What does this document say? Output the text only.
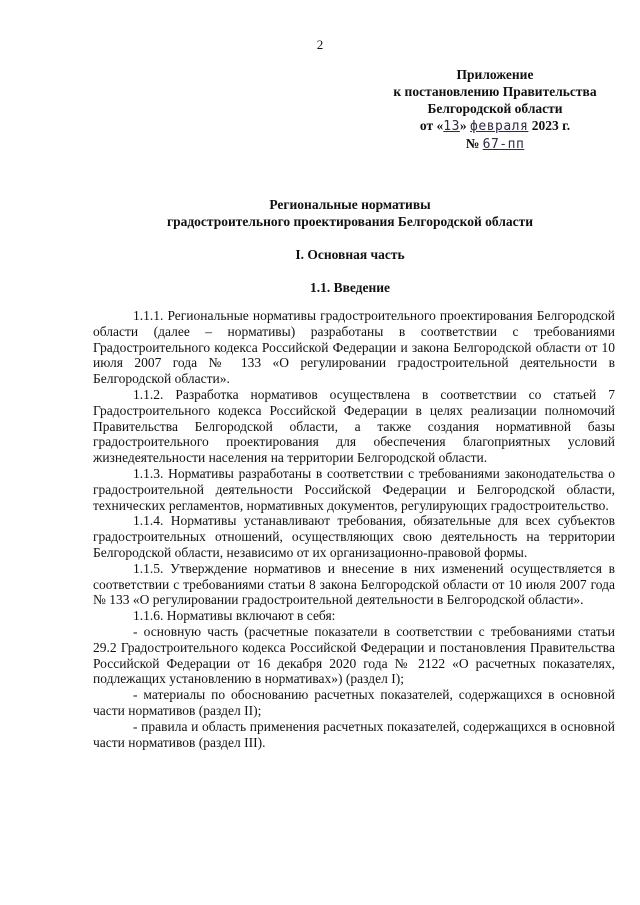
2
Приложение
к постановлению Правительства
Белгородской области
от «13» февраля 2023 г.
№ 67-пп
Региональные нормативы
градостроительного проектирования Белгородской области
I. Основная часть
1.1. Введение

1.1.1. Региональные нормативы градостроительного проектирования Белгородской области (далее – нормативы) разработаны в соответствии с требованиями Градостроительного кодекса Российской Федерации и закона Белгородской области от 10 июля 2007 года № 133 «О регулировании градостроительной деятельности в Белгородской области».

1.1.2. Разработка нормативов осуществлена в соответствии со статьей 7 Градостроительного кодекса Российской Федерации в целях реализации полномочий Правительства Белгородской области, а также создания нормативной базы градостроительного проектирования для обеспечения благоприятных условий жизнедеятельности населения на территории Белгородской области.

1.1.3. Нормативы разработаны в соответствии с требованиями законодательства о градостроительной деятельности Российской Федерации и Белгородской области, технических регламентов, нормативных документов, регулирующих градостроительство.

1.1.4. Нормативы устанавливают требования, обязательные для всех субъектов градостроительных отношений, осуществляющих свою деятельность на территории Белгородской области, независимо от их организационно-правовой формы.

1.1.5. Утверждение нормативов и внесение в них изменений осуществляется в соответствии с требованиями статьи 8 закона Белгородской области от 10 июля 2007 года № 133 «О регулировании градостроительной деятельности в Белгородской области».

1.1.6. Нормативы включают в себя:

- основную часть (расчетные показатели в соответствии с требованиями статьи 29.2 Градостроительного кодекса Российской Федерации и постановления Правительства Российской Федерации от 16 декабря 2020 года № 2122 «О расчетных показателях, подлежащих установлению в нормативах») (раздел I);

- материалы по обоснованию расчетных показателей, содержащихся в основной части нормативов (раздел II);

- правила и область применения расчетных показателей, содержащихся в основной части нормативов (раздел III).
